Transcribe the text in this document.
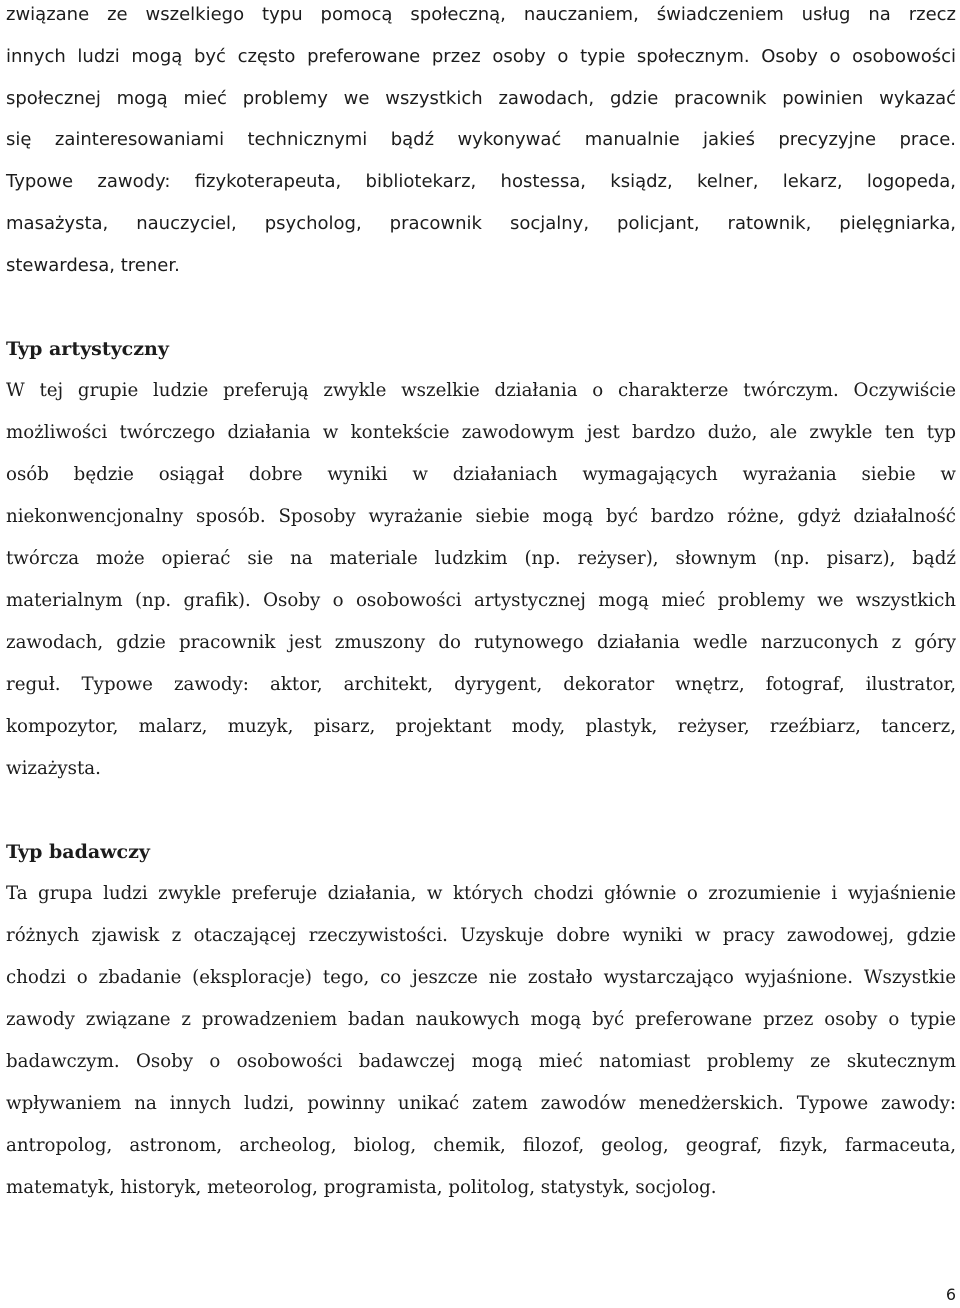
związane ze wszelkiego typu pomocą społeczną, nauczaniem, świadczeniem usług na rzecz
innych ludzi mogą być często preferowane przez osoby o typie społecznym. Osoby o osobowości
społecznej mogą mieć problemy we wszystkich zawodach, gdzie pracownik powinien wykazać
się zainteresowaniami technicznymi bądź wykonywać manualnie jakieś precyzyjne prace.
Typowe zawody: fizykoterapeuta, bibliotekarz, hostessa, ksiądz, kelner, lekarz, logopeda,
masażysta, nauczyciel, psycholog, pracownik socjalny, policjant, ratownik, pielęgniarka,
stewardesa, trener.
Typ artystyczny
W tej grupie ludzie preferują zwykle wszelkie działania o charakterze twórczym. Oczywiście
możliwości twórczego działania w kontekście zawodowym jest bardzo dużo, ale zwykle ten typ
osób będzie osiągał dobre wyniki w działaniach wymagających wyrażania siebie w
niekonwencjonalny sposób. Sposoby wyrażanie siebie mogą być bardzo różne, gdyż działalność
twórcza może opierać sie na materiale ludzkim (np. reżyser), słownym (np. pisarz), bądź
materialnym (np. grafik). Osoby o osobowości artystycznej mogą mieć problemy we wszystkich
zawodach, gdzie pracownik jest zmuszony do rutynowego działania wedle narzuconych z góry
reguł. Typowe zawody: aktor, architekt, dyrygent, dekorator wnętrz, fotograf, ilustrator,
kompozytor, malarz, muzyk, pisarz, projektant mody, plastyk, reżyser, rzeźbiarz, tancerz,
wizażysta.
Typ badawczy
Ta grupa ludzi zwykle preferuje działania, w których chodzi głównie o zrozumienie i wyjaśnienie
różnych zjawisk z otaczającej rzeczywistości. Uzyskuje dobre wyniki w pracy zawodowej, gdzie
chodzi o zbadanie (eksploracje) tego, co jeszcze nie zostało wystarczająco wyjaśnione. Wszystkie
zawody związane z prowadzeniem badan naukowych mogą być preferowane przez osoby o typie
badawczym. Osoby o osobowości badawczej mogą mieć natomiast problemy ze skutecznym
wpływaniem na innych ludzi, powinny unikać zatem zawodów menedżerskich. Typowe zawody:
antropolog, astronom, archeolog, biolog, chemik, filozof, geolog, geograf, fizyk, farmaceuta,
matematyk, historyk, meteorolog, programista, politolog, statystyk, socjolog.
6
